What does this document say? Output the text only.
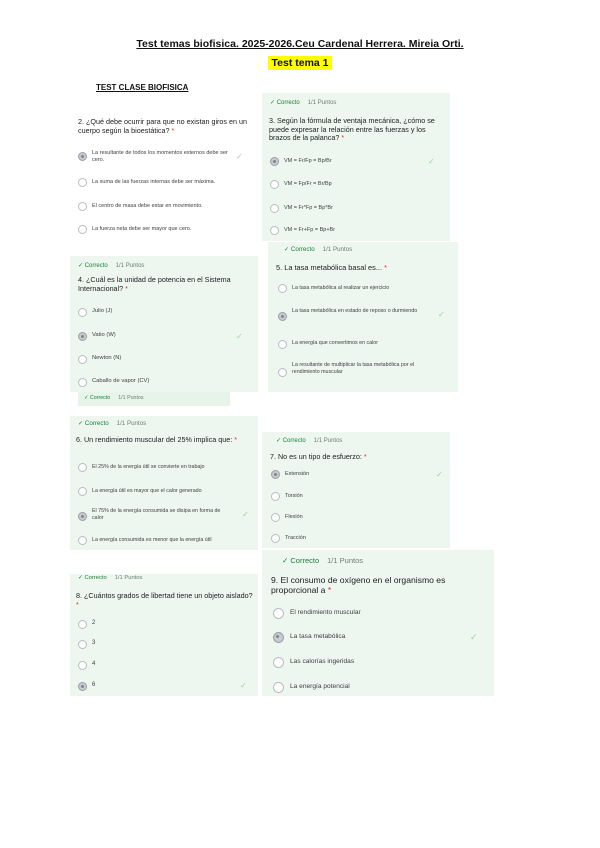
Test temas biofisica. 2025-2026.Ceu Cardenal Herrera. Mireia Orti.
Test tema 1
TEST CLASE BIOFISICA
2. ¿Qué debe ocurrir para que no existan giros en un cuerpo según la bioestática? *
La resultante de todos los momentos externos debe ser cero.	✓
La suma de las fuerzas internas debe ser máxima.
El centro de masa debe estar en movimiento.
La fuerza neta debe ser mayor que cero.
✓ Correcto 1/1 Puntos
3. Según la fórmula de ventaja mecánica, ¿cómo se puede expresar la relación entre las fuerzas y los brazos de la palanca? *
VM = Fr/Fp = Bp/Br	✓
VM = Fp/Fr = Br/Bp
VM = Fr*Fp = Bp*Br
VM = Fr+Fp = Bp+Br
✓ Correcto 1/1 Puntos
4. ¿Cuál es la unidad de potencia en el Sistema Internacional? *
Julio (J)
Vatio (W)	✓
Newton (N)
Caballo de vapor (CV)
✓ Correcto 1/1 Puntos
5. La tasa metabólica basal es... *
La tasa metabólica al realizar un ejercicio
La tasa metabólica en estado de reposo o durmiendo	✓
La energía que convertimos en calor
La resultante de multiplicar la tasa metabólica por el rendimiento muscular
✓ Correcto 1/1 Puntos
✓ Correcto 1/1 Puntos
6. Un rendimiento muscular del 25% implica que: *
El 25% de la energía útil se convierte en trabajo
La energía útil es mayor que el calor generado
El 75% de la energía consumida se disipa en forma de calor	✓
La energía consumida es menor que la energía útil
✓ Correcto 1/1 Puntos
7. No es un tipo de esfuerzo: *
Extensión	✓
Torsión
Flexión
Tracción
✓ Correcto 1/1 Puntos
8. ¿Cuántos grados de libertad tiene un objeto aislado? *
2
3
4
6	✓
✓ Correcto 1/1 Puntos
9. El consumo de oxígeno en el organismo es proporcional a *
El rendimiento muscular
La tasa metabólica	✓
Las calorías ingeridas
La energía potencial
